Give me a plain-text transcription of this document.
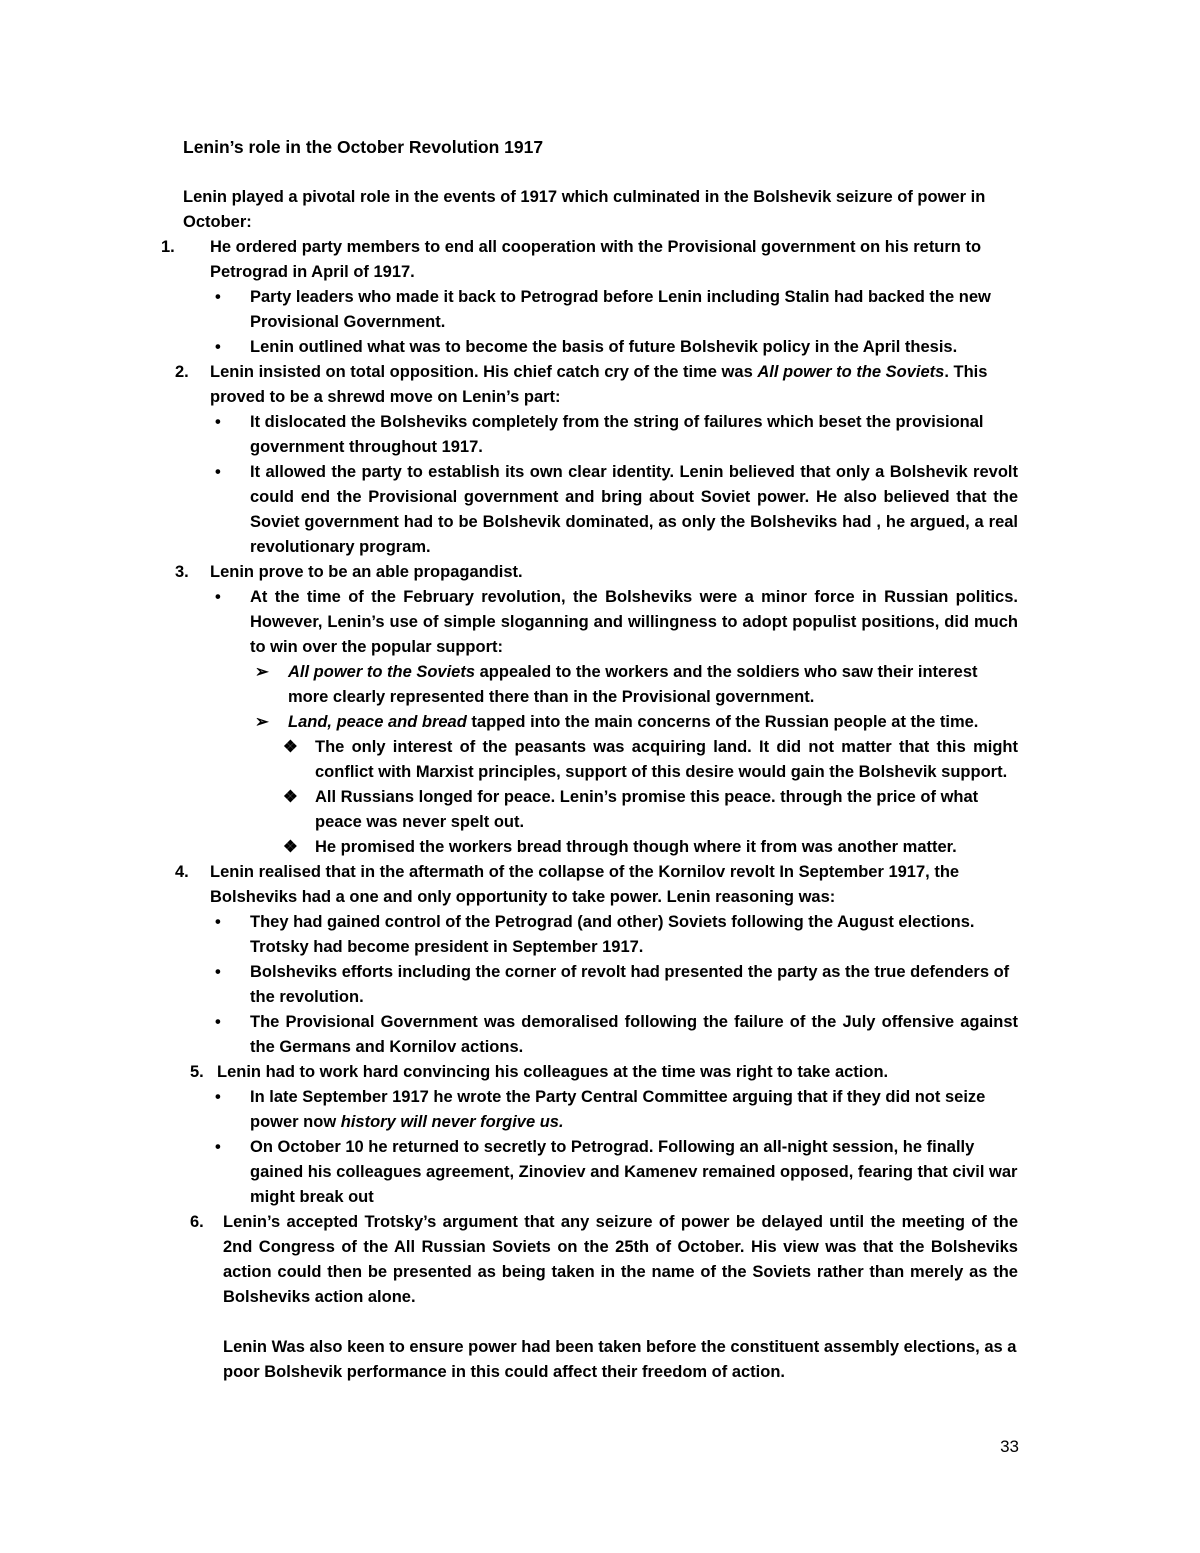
Lenin’s role in the October Revolution 1917

Lenin played a pivotal role in the events of 1917 which culminated in the Bolshevik seizure of power in October:

1. He ordered party members to end all cooperation with the Provisional government on his return to Petrograd in April of 1917.

• Party leaders who made it back to Petrograd before Lenin including Stalin had backed the new Provisional Government.

• Lenin outlined what was to become the basis of future Bolshevik policy in the April thesis.

2. Lenin insisted on total opposition. His chief catch cry of the time was All power to the Soviets. This proved to be a shrewd move on Lenin’s part:

• It dislocated the Bolsheviks completely from the string of failures which beset the provisional government throughout 1917.

• It allowed the party to establish its own clear identity. Lenin believed that only a Bolshevik revolt could end the Provisional government and bring about Soviet power. He also believed that the Soviet government had to be Bolshevik dominated, as only the Bolsheviks had , he argued, a real revolutionary program.

3. Lenin prove to be an able propagandist.

• At the time of the February revolution, the Bolsheviks were a minor force in Russian politics. However, Lenin’s use of simple sloganning and willingness to adopt populist positions, did much to win over the popular support:

➢ All power to the Soviets appealed to the workers and the soldiers who saw their interest more clearly represented there than in the Provisional government.

➢ Land, peace and bread tapped into the main concerns of the Russian people at the time.

❖ The only interest of the peasants was acquiring land. It did not matter that this might conflict with Marxist principles, support of this desire would gain the Bolshevik support.

❖ All Russians longed for peace. Lenin’s promise this peace. through the price of what peace was never spelt out.

❖ He promised the workers bread through though where it from was another matter.

4. Lenin realised that in the aftermath of the collapse of the Kornilov revolt In September 1917, the Bolsheviks had a one and only opportunity to take power. Lenin reasoning was:

• They had gained control of the Petrograd (and other) Soviets following the August elections. Trotsky had become president in September 1917.

• Bolsheviks efforts including the corner of revolt had presented the party as the true defenders of the revolution.

• The Provisional Government was demoralised following the failure of the July offensive against the Germans and Kornilov actions.

5. Lenin had to work hard convincing his colleagues at the time was right to take action.

• In late September 1917 he wrote the Party Central Committee arguing that if they did not seize power now history will never forgive us.

• On October 10 he returned to secretly to Petrograd. Following an all-night session, he finally gained his colleagues agreement, Zinoviev and Kamenev remained opposed, fearing that civil war might break out

6. Lenin’s accepted Trotsky’s argument that any seizure of power be delayed until the meeting of the 2nd Congress of the All Russian Soviets on the 25th of October. His view was that the Bolsheviks action could then be presented as being taken in the name of the Soviets rather than merely as the Bolsheviks action alone.

Lenin Was also keen to ensure power had been taken before the constituent assembly elections, as a poor Bolshevik performance in this could affect their freedom of action.

33
